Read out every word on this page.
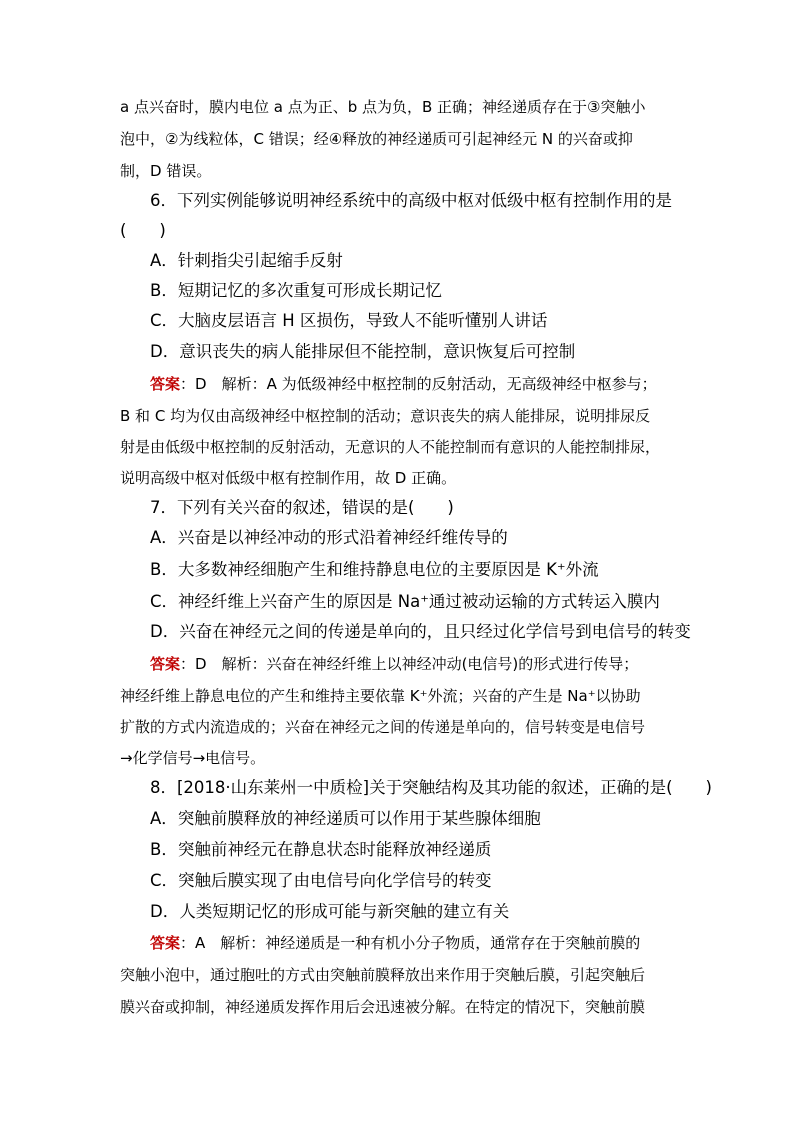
a 点兴奋时，膜内电位 a 点为正、b 点为负，B 正确；神经递质存在于③突触小
泡中，②为线粒体，C 错误；经④释放的神经递质可引起神经元 N 的兴奋或抑
制，D 错误。
6．下列实例能够说明神经系统中的高级中枢对低级中枢有控制作用的是
(　　)
A．针刺指尖引起缩手反射
B．短期记忆的多次重复可形成长期记忆
C．大脑皮层语言 H 区损伤，导致人不能听懂别人讲话
D．意识丧失的病人能排尿但不能控制，意识恢复后可控制
答案：D　解析：A 为低级神经中枢控制的反射活动，无高级神经中枢参与；
B 和 C 均为仅由高级神经中枢控制的活动；意识丧失的病人能排尿，说明排尿反
射是由低级中枢控制的反射活动，无意识的人不能控制而有意识的人能控制排尿，
说明高级中枢对低级中枢有控制作用，故 D 正确。
7．下列有关兴奋的叙述，错误的是(　　)
A．兴奋是以神经冲动的形式沿着神经纤维传导的
B．大多数神经细胞产生和维持静息电位的主要原因是 K⁺外流
C．神经纤维上兴奋产生的原因是 Na⁺通过被动运输的方式转运入膜内
D．兴奋在神经元之间的传递是单向的，且只经过化学信号到电信号的转变
答案：D　解析：兴奋在神经纤维上以神经冲动(电信号)的形式进行传导；
神经纤维上静息电位的产生和维持主要依靠 K⁺外流；兴奋的产生是 Na⁺以协助
扩散的方式内流造成的；兴奋在神经元之间的传递是单向的，信号转变是电信号
→化学信号→电信号。
8．[2018·山东莱州一中质检]关于突触结构及其功能的叙述，正确的是(　　)
A．突触前膜释放的神经递质可以作用于某些腺体细胞
B．突触前神经元在静息状态时能释放神经递质
C．突触后膜实现了由电信号向化学信号的转变
D．人类短期记忆的形成可能与新突触的建立有关
答案：A　解析：神经递质是一种有机小分子物质，通常存在于突触前膜的
突触小泡中，通过胞吐的方式由突触前膜释放出来作用于突触后膜，引起突触后
膜兴奋或抑制，神经递质发挥作用后会迅速被分解。在特定的情况下，突触前膜
